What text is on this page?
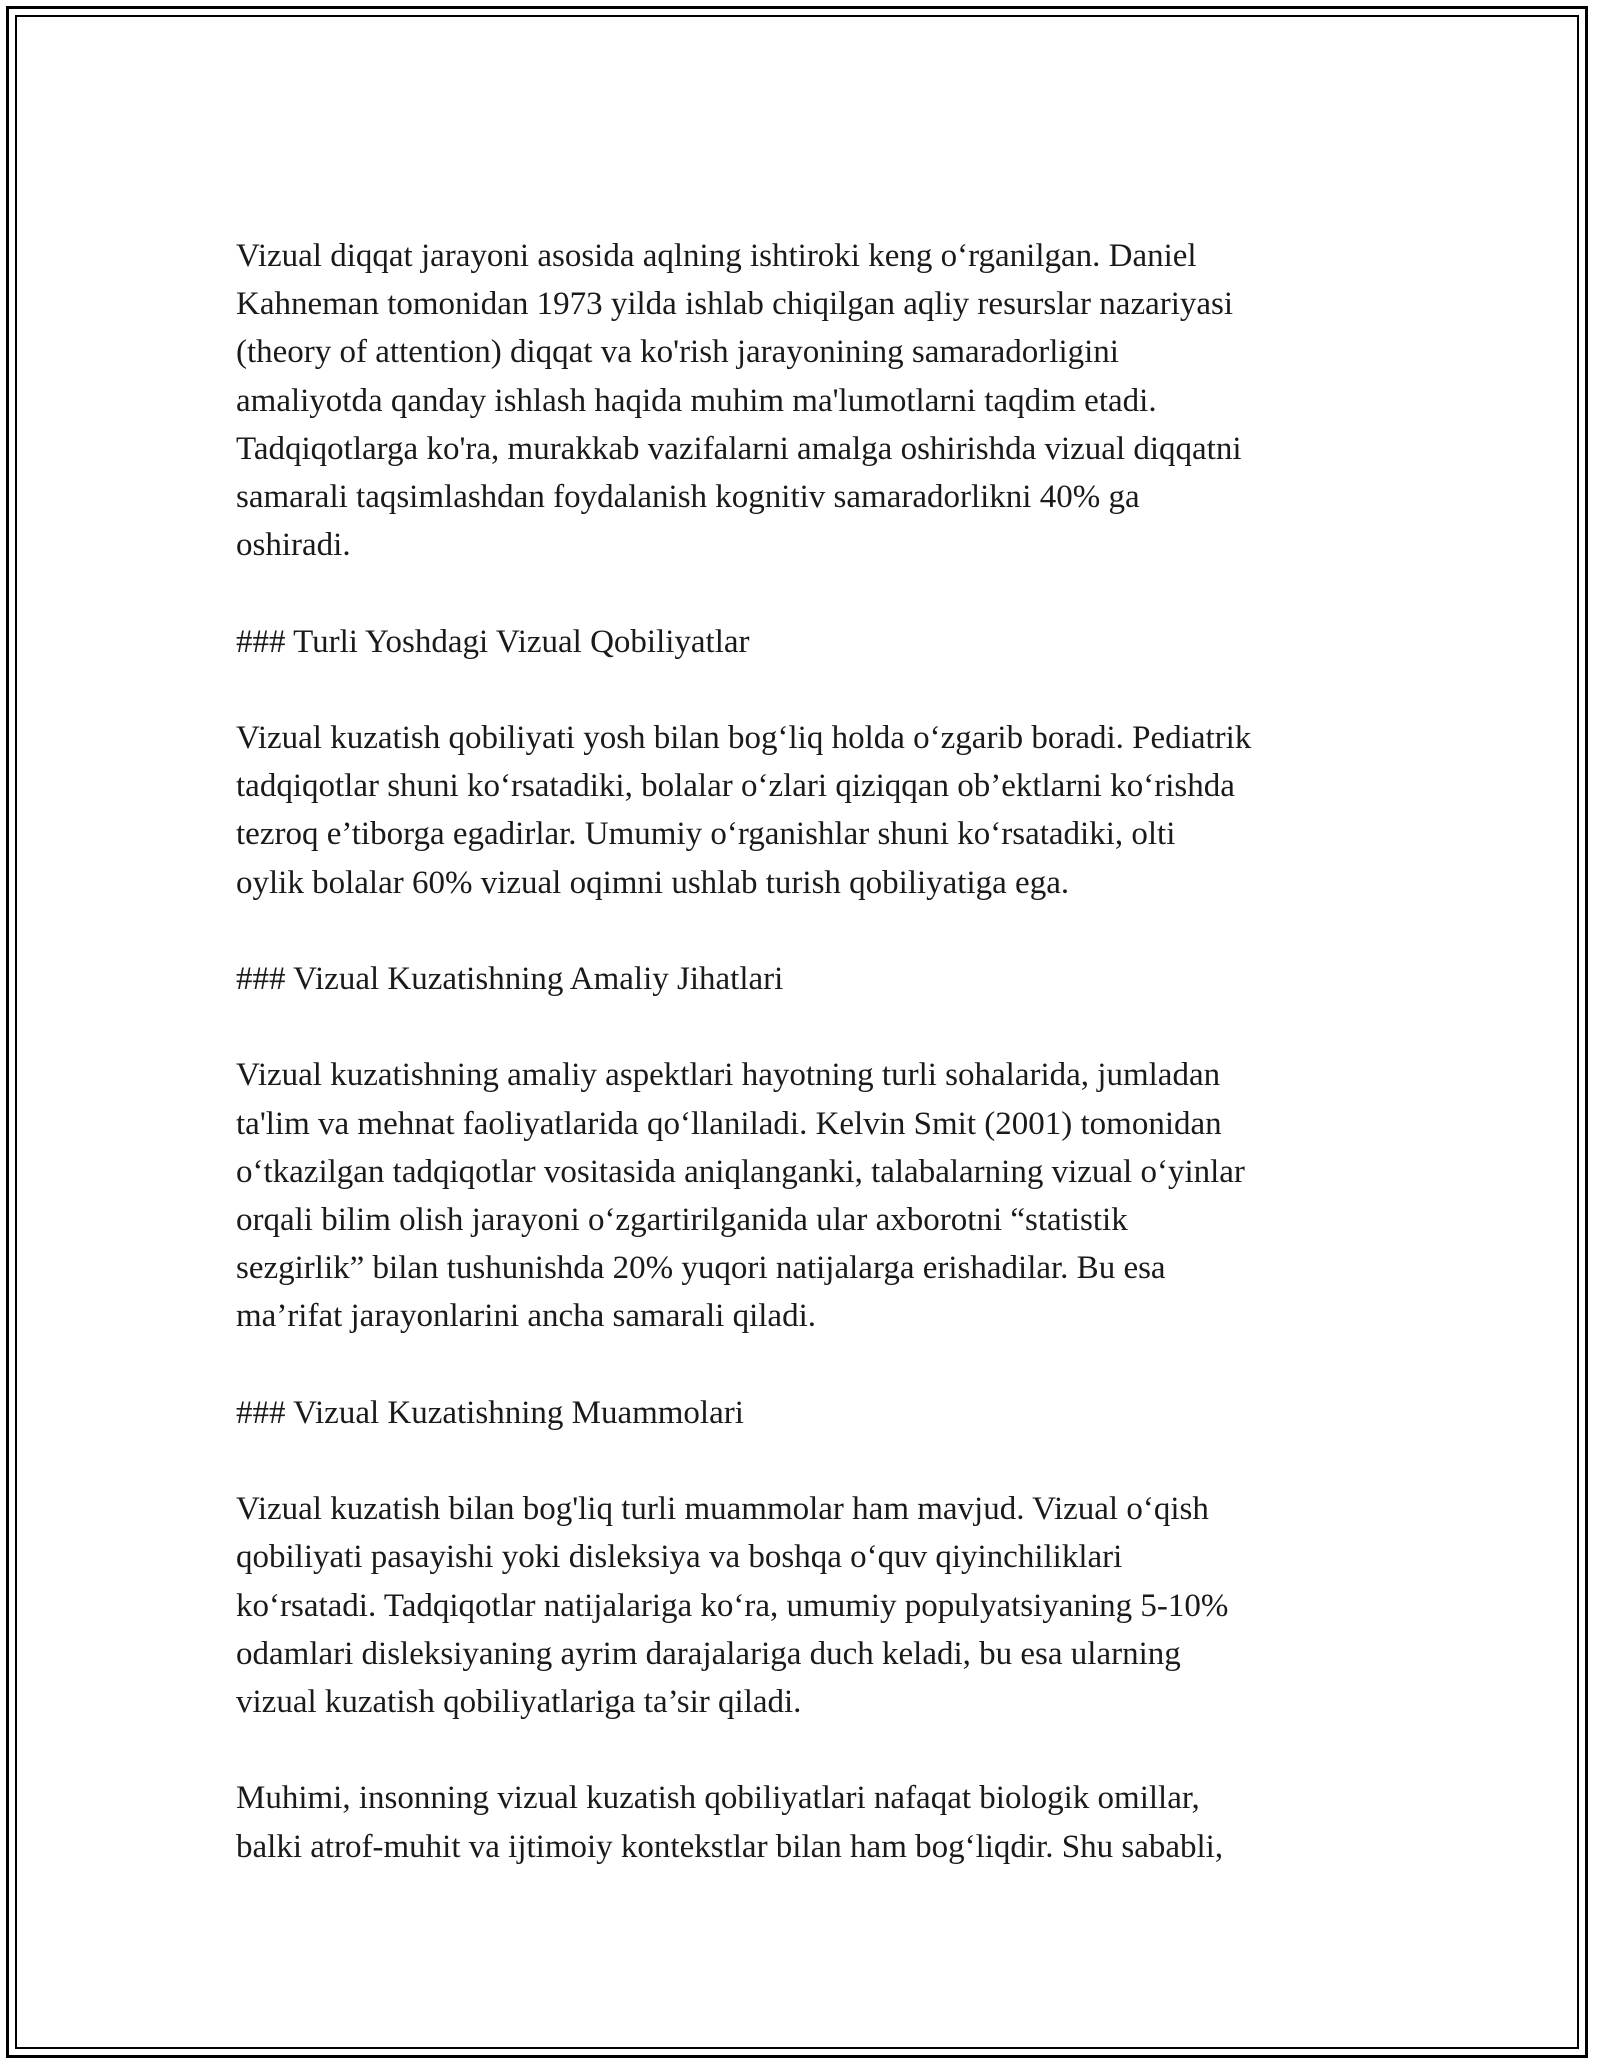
Vizual diqqat jarayoni asosida aqlning ishtiroki keng o‘rganilgan. Daniel
Kahneman tomonidan 1973 yilda ishlab chiqilgan aqliy resurslar nazariyasi
(theory of attention) diqqat va ko'rish jarayonining samaradorligini
amaliyotda qanday ishlash haqida muhim ma'lumotlarni taqdim etadi.
Tadqiqotlarga ko'ra, murakkab vazifalarni amalga oshirishda vizual diqqatni
samarali taqsimlashdan foydalanish kognitiv samaradorlikni 40% ga
oshiradi.

### Turli Yoshdagi Vizual Qobiliyatlar

Vizual kuzatish qobiliyati yosh bilan bog‘liq holda o‘zgarib boradi. Pediatrik
tadqiqotlar shuni ko‘rsatadiki, bolalar o‘zlari qiziqqan ob’ektlarni ko‘rishda
tezroq e’tiborga egadirlar. Umumiy o‘rganishlar shuni ko‘rsatadiki, olti
oylik bolalar 60% vizual oqimni ushlab turish qobiliyatiga ega.

### Vizual Kuzatishning Amaliy Jihatlari

Vizual kuzatishning amaliy aspektlari hayotning turli sohalarida, jumladan
ta'lim va mehnat faoliyatlarida qo‘llaniladi. Kelvin Smit (2001) tomonidan
o‘tkazilgan tadqiqotlar vositasida aniqlanganki, talabalarning vizual o‘yinlar
orqali bilim olish jarayoni o‘zgartirilganida ular axborotni “statistik
sezgirlik” bilan tushunishda 20% yuqori natijalarga erishadilar. Bu esa
ma’rifat jarayonlarini ancha samarali qiladi.

### Vizual Kuzatishning Muammolari

Vizual kuzatish bilan bog'liq turli muammolar ham mavjud. Vizual o‘qish
qobiliyati pasayishi yoki disleksiya va boshqa o‘quv qiyinchiliklari
ko‘rsatadi. Tadqiqotlar natijalariga ko‘ra, umumiy populyatsiyaning 5-10%
odamlari disleksiyaning ayrim darajalariga duch keladi, bu esa ularning
vizual kuzatish qobiliyatlariga ta’sir qiladi.

Muhimi, insonning vizual kuzatish qobiliyatlari nafaqat biologik omillar,
balki atrof-muhit va ijtimoiy kontekstlar bilan ham bog‘liqdir. Shu sababli,
